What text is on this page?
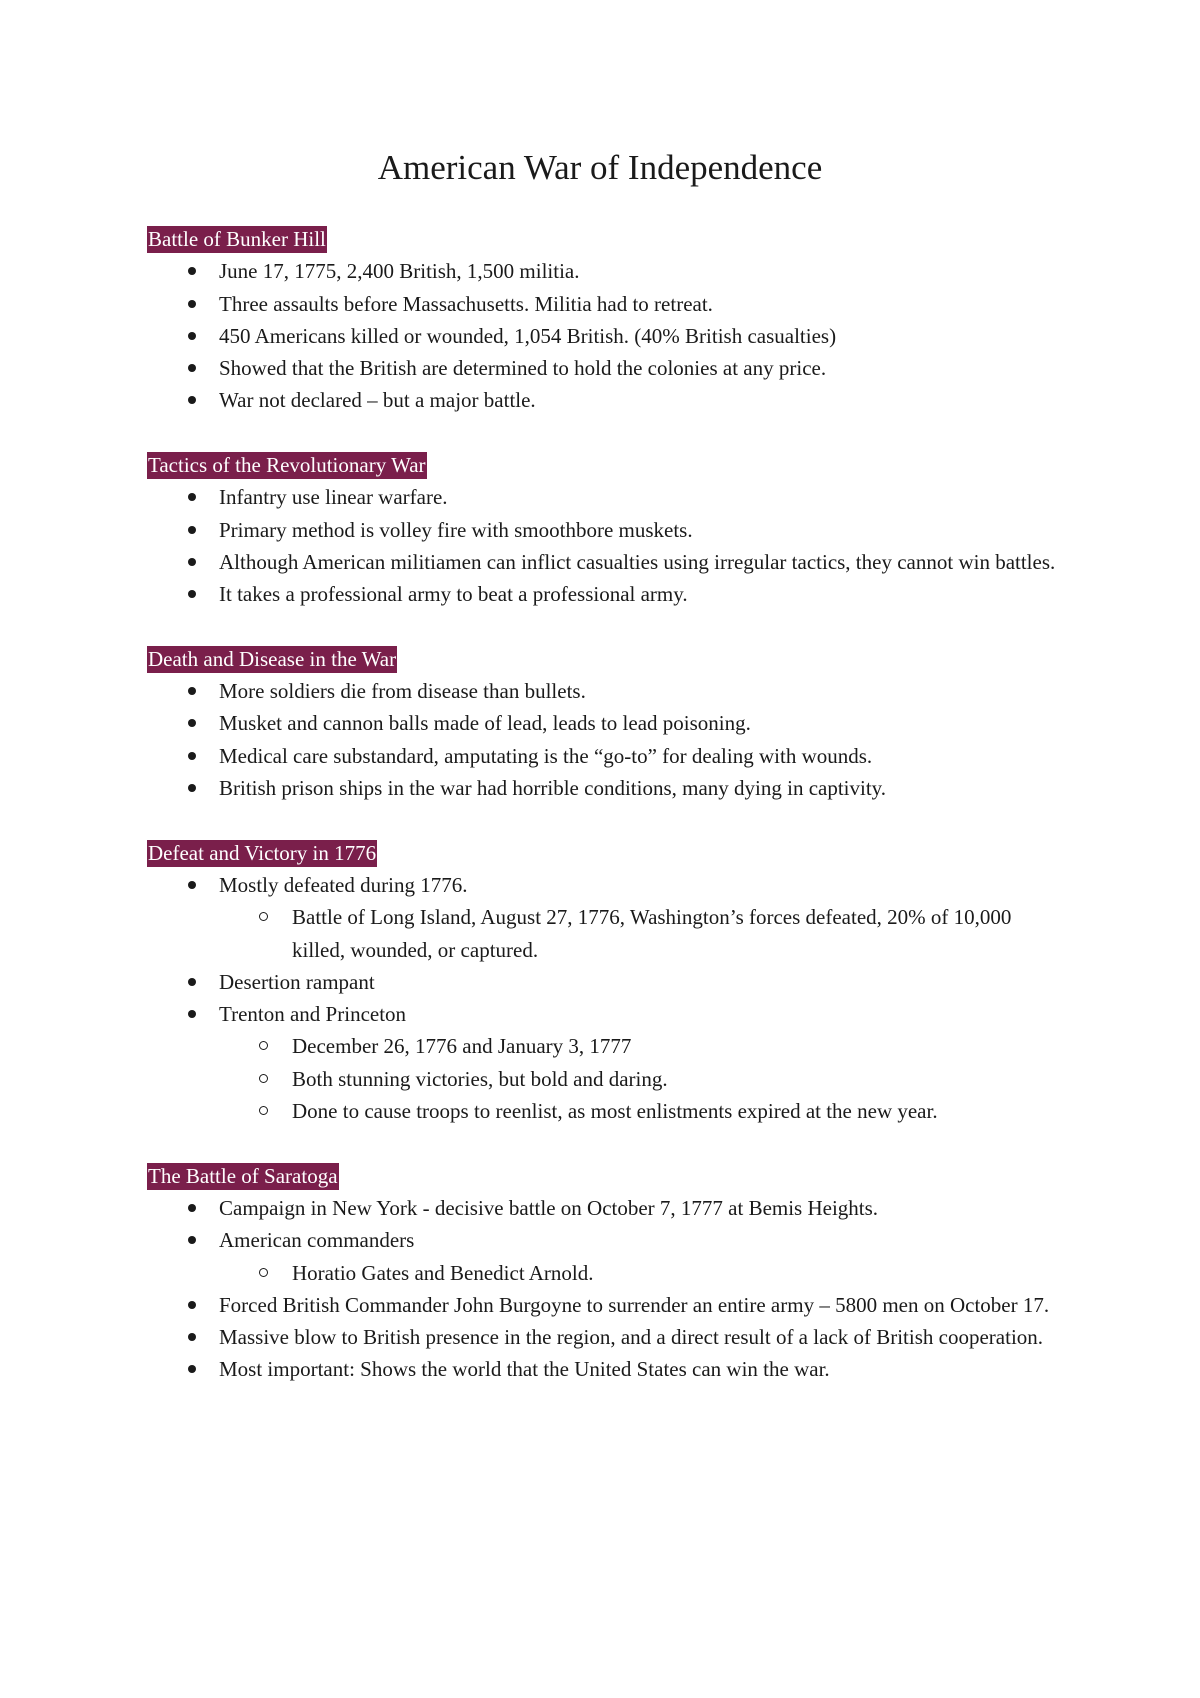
American War of Independence
Battle of Bunker Hill
June 17, 1775, 2,400 British, 1,500 militia.
Three assaults before Massachusetts. Militia had to retreat.
450 Americans killed or wounded, 1,054 British. (40% British casualties)
Showed that the British are determined to hold the colonies at any price.
War not declared – but a major battle.
Tactics of the Revolutionary War
Infantry use linear warfare.
Primary method is volley fire with smoothbore muskets.
Although American militiamen can inflict casualties using irregular tactics, they cannot win battles.
It takes a professional army to beat a professional army.
Death and Disease in the War
More soldiers die from disease than bullets.
Musket and cannon balls made of lead, leads to lead poisoning.
Medical care substandard, amputating is the “go-to” for dealing with wounds.
British prison ships in the war had horrible conditions, many dying in captivity.
Defeat and Victory in 1776
Mostly defeated during 1776.
Battle of Long Island, August 27, 1776, Washington’s forces defeated, 20% of 10,000 killed, wounded, or captured.
Desertion rampant
Trenton and Princeton
December 26, 1776 and January 3, 1777
Both stunning victories, but bold and daring.
Done to cause troops to reenlist, as most enlistments expired at the new year.
The Battle of Saratoga
Campaign in New York - decisive battle on October 7, 1777 at Bemis Heights.
American commanders
Horatio Gates and Benedict Arnold.
Forced British Commander John Burgoyne to surrender an entire army – 5800 men on October 17.
Massive blow to British presence in the region, and a direct result of a lack of British cooperation.
Most important: Shows the world that the United States can win the war.
